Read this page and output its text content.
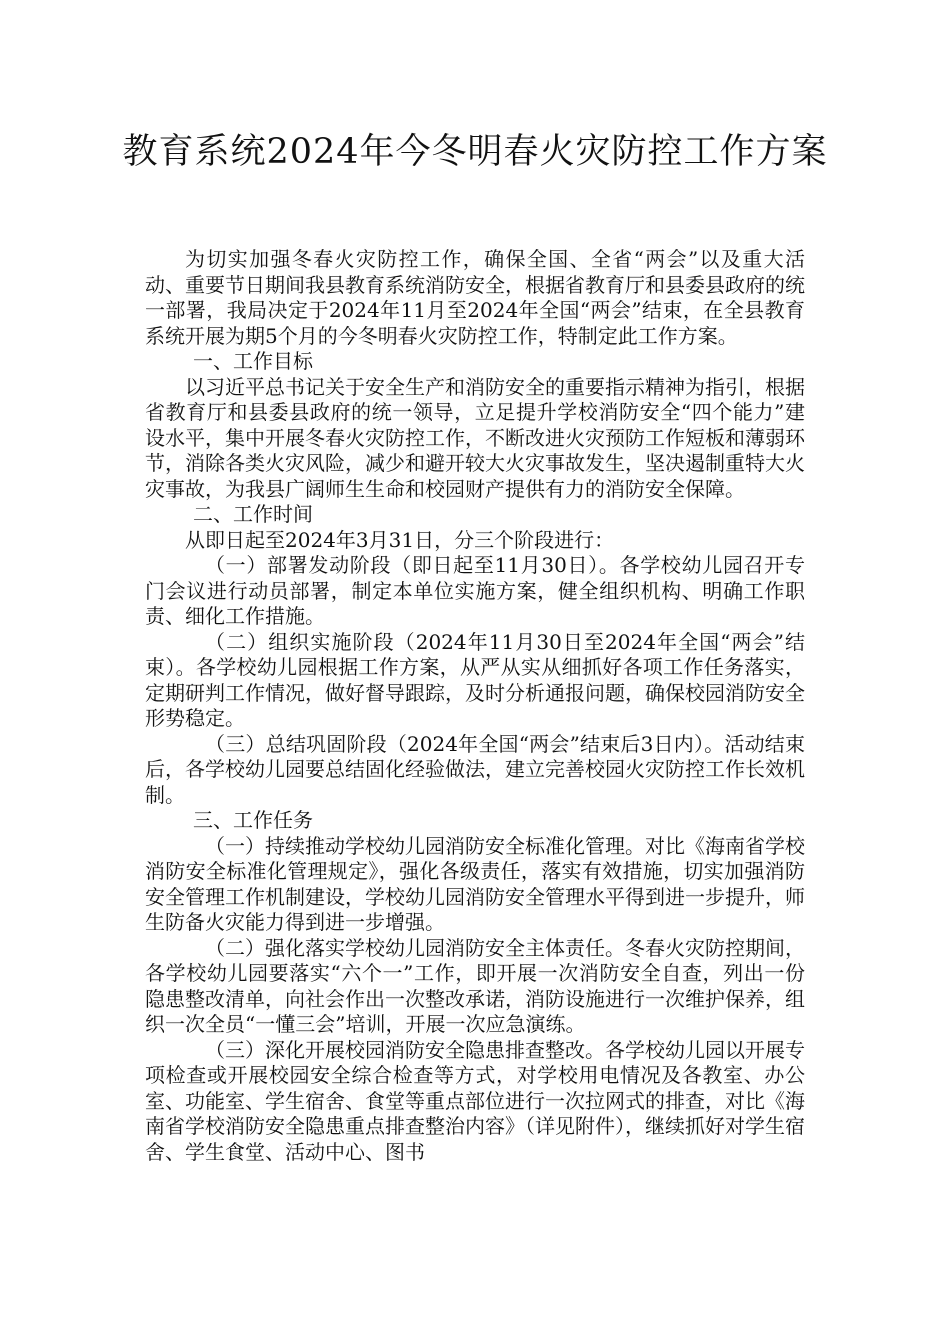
教育系统2024年今冬明春火灾防控工作方案

为切实加强冬春火灾防控工作，确保全国、全省“两会”以及重大活动、重要节日期间我县教育系统消防安全，根据省教育厅和县委县政府的统一部署，我局决定于2024年11月至2024年全国“两会”结束，在全县教育系统开展为期5个月的今冬明春火灾防控工作，特制定此工作方案。

一、工作目标

以习近平总书记关于安全生产和消防安全的重要指示精神为指引，根据省教育厅和县委县政府的统一领导，立足提升学校消防安全“四个能力”建设水平，集中开展冬春火灾防控工作，不断改进火灾预防工作短板和薄弱环节，消除各类火灾风险，减少和避开较大火灾事故发生，坚决遏制重特大火灾事故，为我县广阔师生生命和校园财产提供有力的消防安全保障。

二、工作时间

从即日起至2024年3月31日，分三个阶段进行：

（一）部署发动阶段（即日起至11月30日）。各学校幼儿园召开专门会议进行动员部署，制定本单位实施方案，健全组织机构、明确工作职责、细化工作措施。

（二）组织实施阶段（2024年11月30日至2024年全国“两会”结束）。各学校幼儿园根据工作方案，从严从实从细抓好各项工作任务落实，定期研判工作情况，做好督导跟踪，及时分析通报问题，确保校园消防安全形势稳定。

（三）总结巩固阶段（2024年全国“两会”结束后3日内）。活动结束后，各学校幼儿园要总结固化经验做法，建立完善校园火灾防控工作长效机制。

三、工作任务

（一）持续推动学校幼儿园消防安全标准化管理。对比《海南省学校消防安全标准化管理规定》，强化各级责任，落实有效措施，切实加强消防安全管理工作机制建设，学校幼儿园消防安全管理水平得到进一步提升，师生防备火灾能力得到进一步增强。

（二）强化落实学校幼儿园消防安全主体责任。冬春火灾防控期间，各学校幼儿园要落实“六个一”工作，即开展一次消防安全自查，列出一份隐患整改清单，向社会作出一次整改承诺，消防设施进行一次维护保养，组织一次全员“一懂三会”培训，开展一次应急演练。

（三）深化开展校园消防安全隐患排查整改。各学校幼儿园以开展专项检查或开展校园安全综合检查等方式，对学校用电情况及各教室、办公室、功能室、学生宿舍、食堂等重点部位进行一次拉网式的排查，对比《海南省学校消防安全隐患重点排查整治内容》（详见附件），继续抓好对学生宿舍、学生食堂、活动中心、图书
